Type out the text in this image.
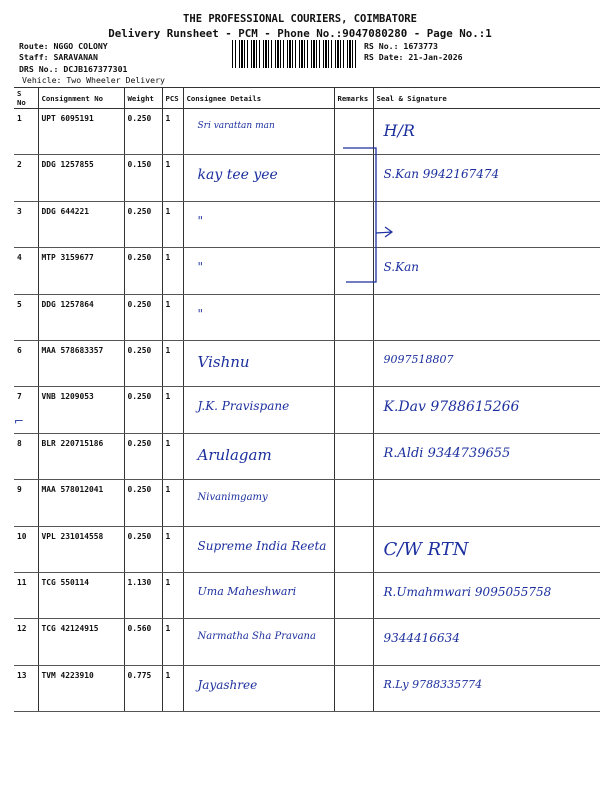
THE PROFESSIONAL COURIERS, COIMBATORE
Delivery Runsheet - PCM - Phone No.:9047080280 - Page No.:1
Route: NGGO COLONY
Staff: SARAVANAN
DRS No.: DCJB167377301
Vehicle: Two Wheeler Delivery
RS No.: 1673773
RS Date: 21-Jan-2026
S No	Consignment No	Weight	PCS	Consignee Details	Remarks	Seal & Signature
1	UPT 6095191	0.250	1	Sri varattan man		H/R

2	DDG 1257855	0.150	1	kay tee yee		S.Kan 9942167474

3	DDG 644221	0.250	1	"		

4	MTP 3159677	0.250	1	"		S.Kan

5	DDG 1257864	0.250	1	"		

6	MAA 578683357	0.250	1	Vishnu		9097518807

7	VNB 1209053	0.250	1	J.K. Pravispane		K.Dav 9788615266

8	BLR 220715186	0.250	1	Arulagam		R.Aldi 9344739655

9	MAA 578012041	0.250	1	Nivanimgamy		

10	VPL 231014558	0.250	1	Supreme India Reeta		C/W RTN

11	TCG 550114	1.130	1	Uma Maheshwari		R.Umahmwari 9095055758

12	TCG 42124915	0.560	1	Narmatha Sha Pravana		9344416634

13	TVM 4223910	0.775	1	Jayashree		R.Ly 9788335774
⌐
